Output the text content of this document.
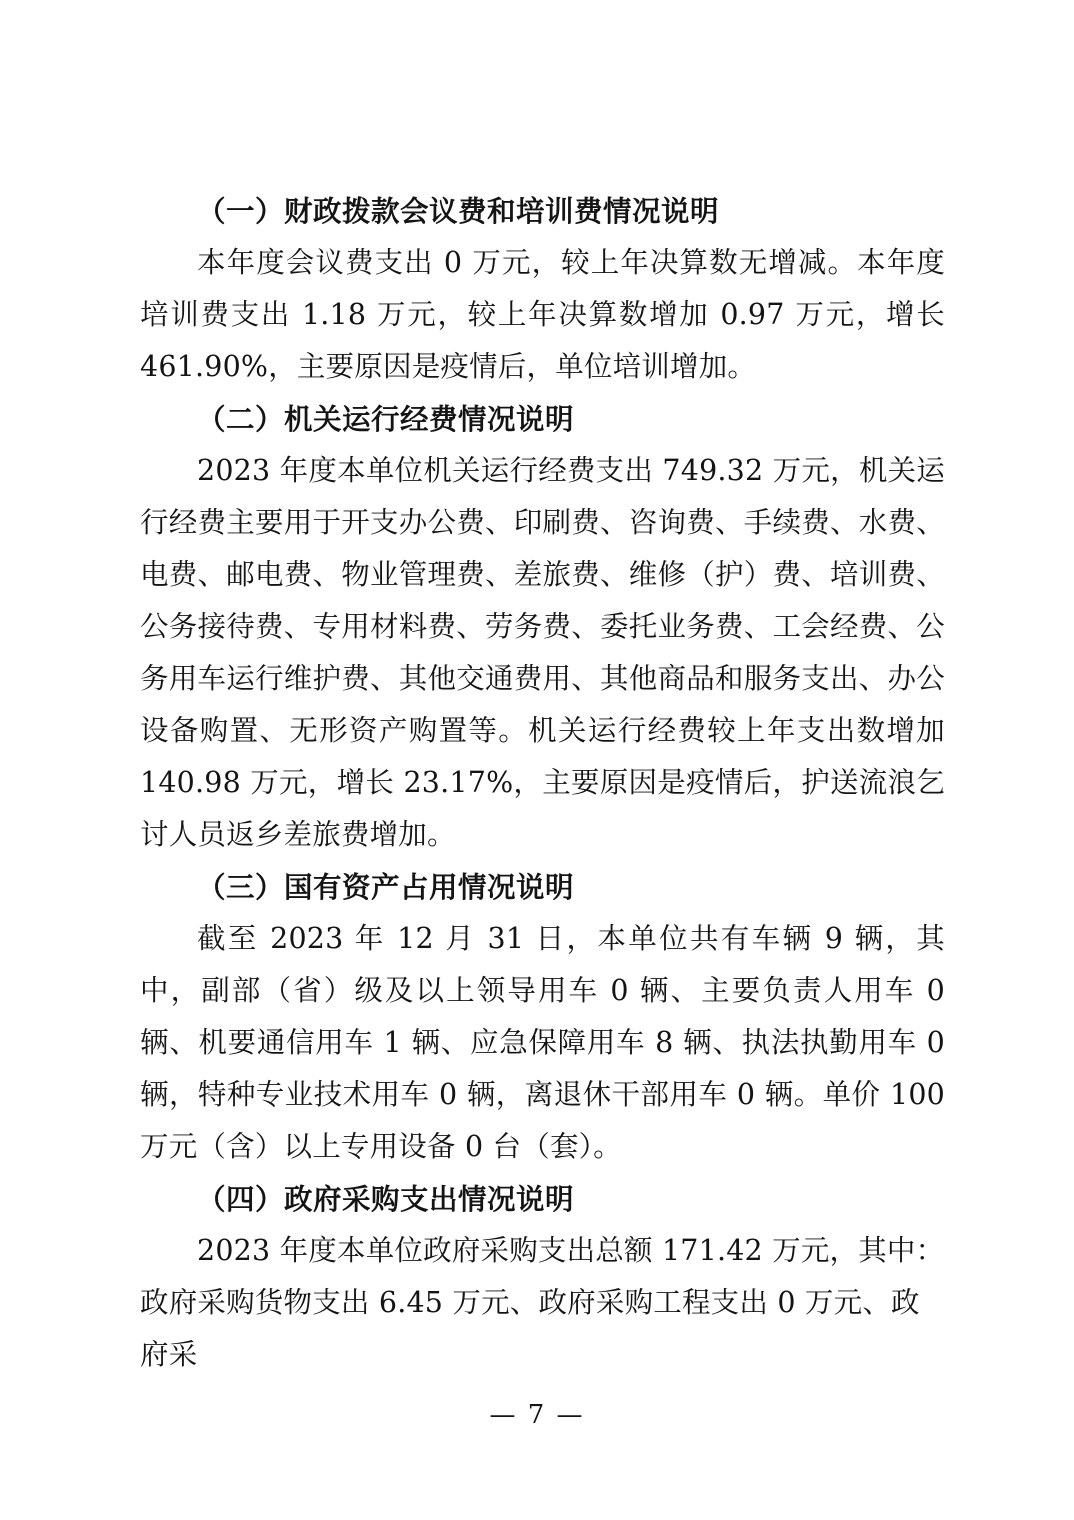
（一）财政拨款会议费和培训费情况说明

本年度会议费支出 0 万元，较上年决算数无增减。本年度培训费支出 1.18 万元，较上年决算数增加 0.97 万元，增长 461.90%，主要原因是疫情后，单位培训增加。

（二）机关运行经费情况说明

2023 年度本单位机关运行经费支出 749.32 万元，机关运行经费主要用于开支办公费、印刷费、咨询费、手续费、水费、电费、邮电费、物业管理费、差旅费、维修（护）费、培训费、公务接待费、专用材料费、劳务费、委托业务费、工会经费、公务用车运行维护费、其他交通费用、其他商品和服务支出、办公设备购置、无形资产购置等。机关运行经费较上年支出数增加 140.98 万元，增长 23.17%，主要原因是疫情后，护送流浪乞讨人员返乡差旅费增加。

（三）国有资产占用情况说明

截至 2023 年 12 月 31 日，本单位共有车辆 9 辆，其中，副部（省）级及以上领导用车 0 辆、主要负责人用车 0 辆、机要通信用车 1 辆、应急保障用车 8 辆、执法执勤用车 0 辆，特种专业技术用车 0 辆，离退休干部用车 0 辆。单价 100 万元（含）以上专用设备 0 台（套）。

（四）政府采购支出情况说明

2023 年度本单位政府采购支出总额 171.42 万元，其中：政府采购货物支出 6.45 万元、政府采购工程支出 0 万元、政府采

— 7 —
